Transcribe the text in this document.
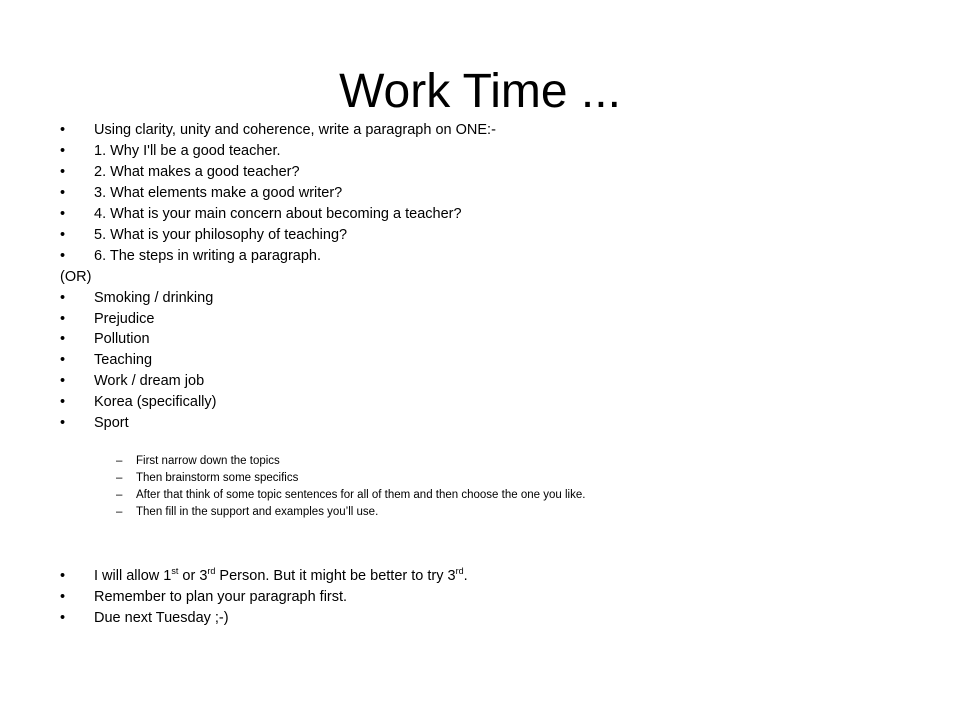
Work Time ...
•	Using clarity, unity and coherence, write a paragraph on ONE:-
•	1. Why I'll be a good teacher.
•	2. What makes a good teacher?
•	3. What elements make a good writer?
•	4. What is your main concern about becoming a teacher?
•	5. What is your philosophy of teaching?
•	6. The steps in writing a paragraph.
(OR)
•	Smoking / drinking
•	Prejudice
•	Pollution
•	Teaching
•	Work / dream job
•	Korea (specifically)
•	Sport
– First narrow down the topics
– Then brainstorm some specifics
– After that think of some topic sentences for all of them and then choose the one you like.
– Then fill in the support and examples you’ll use.
•	I will allow 1st or 3rd Person. But it might be better to try 3rd.
•	Remember to plan your paragraph first.
•	Due next Tuesday ;-)
